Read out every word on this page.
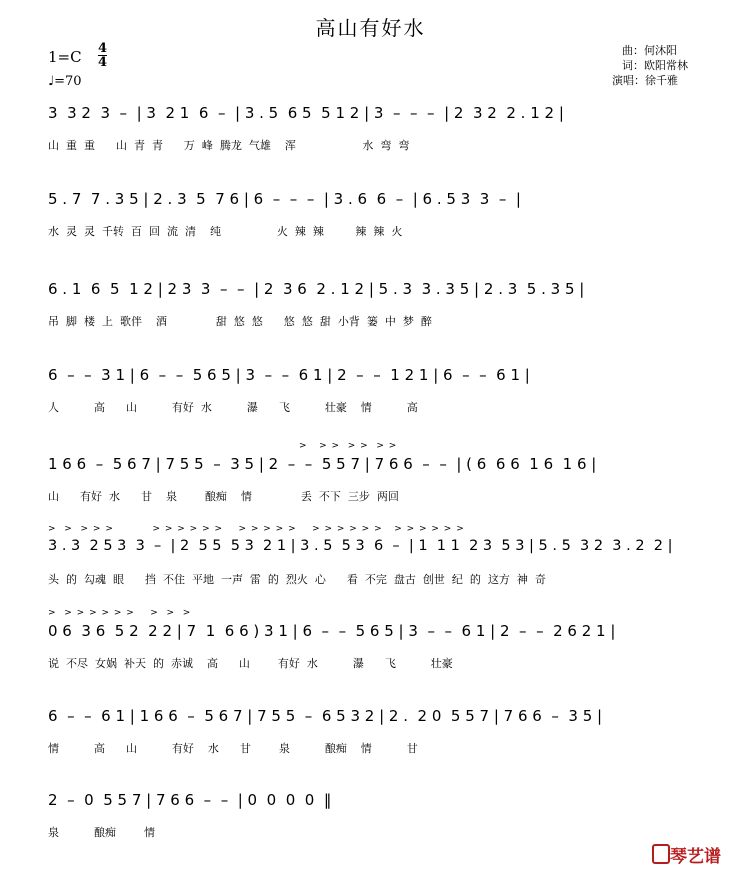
高山有好水
1=C 4
4
♩=70
曲：何沐阳
词：欧阳常林
演唱：徐千雅
3  3 2  3  –  | 3  2 1  6  –  | 3 . 5  6 5  5 1 2 | 3  –  –  –  | 2  3 2  2 . 1 2 |
山  重  重      山  青  青      万  峰  腾龙  气雄    浑                   水  弯  弯
5 . 7  7 . 3 5 | 2 . 3  5  7 6 | 6  –  –  –  | 3 . 6  6  –  | 6 . 5 3  3  –  |
水  灵  灵  千转  百  回  流  清    纯                火  辣  辣         辣  辣  火
6 . 1  6  5  1 2 | 2 3  3  –  –  | 2  3 6  2 . 1 2 | 5 . 3  3 . 3 5 | 2 . 3  5 . 3 5 |
吊  脚  楼  上  歌伴    酒              甜  悠  悠      悠  悠  甜  小背  篓  中  梦  醉
6  –  –  3 1 | 6  –  –  5 6 5 | 3  –  –  6 1 | 2  –  –  1 2 1 | 6  –  –  6 1 |
人          高      山          有好  水          瀑      飞          壮豪    情          高
>   > >  > >  > >
1 6 6  –  5 6 7 | 7 5 5  –  3 5 | 2  –  –  5 5 7 | 7 6 6  –  –  | ( 6  6 6  1 6  1 6 |
山      有好  水      甘    泉        酿痴    情              丢  不下  三步  两回
>  >  > > >          > > > > > >    > > > > >    > > > > > >   > > > > > >
3 . 3  2 5 3  3  –  | 2  5 5  5 3  2 1 | 3 . 5  5 3  6  –  | 1  1 1  2 3  5 3 | 5 . 5  3 2  3 . 2  2 |
头  的  勾魂  眼      挡  不住  平地  一声  雷  的  烈火  心      看  不完  盘古  创世  纪  的  这方  神  奇
>  > > > > > >    >  >  >
0 6  3 6  5 2  2 2 | 7  1  6 6 ) 3 1 | 6  –  –  5 6 5 | 3  –  –  6 1 | 2  –  –  2 6 2 1 |
说  不尽  女娲  补天  的  赤诚    高      山        有好  水          瀑      飞          壮豪
6  –  –  6 1 | 1 6 6  –  5 6 7 | 7 5 5  –  6 5 3 2 | 2 .  2 0  5 5 7 | 7 6 6  –  3 5 |
情          高      山          有好    水      甘        泉          酿痴    情          甘
2  –  0  5 5 7 | 7 6 6  –  –  | 0  0  0  0  ‖
泉          酿痴        情
琴艺谱
